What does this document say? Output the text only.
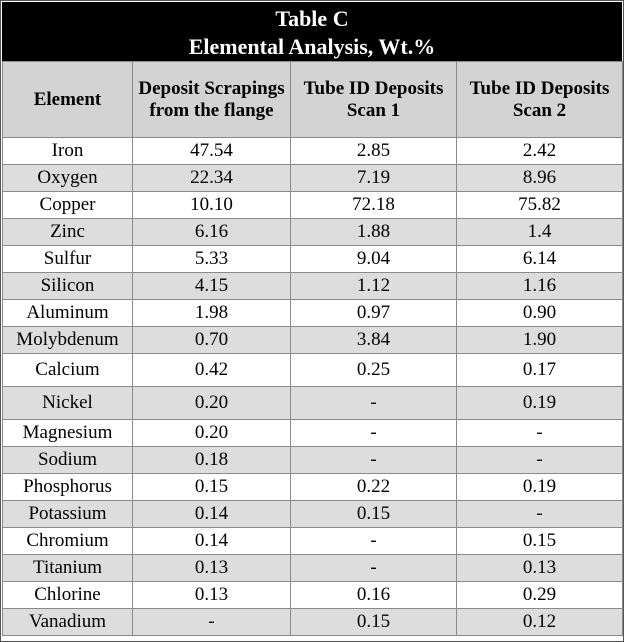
Table C
Elemental Analysis, Wt.%
Element	Deposit Scrapings from the flange	Tube ID Deposits Scan 1	Tube ID Deposits Scan 2
Iron	47.54	2.85	2.42
Oxygen	22.34	7.19	8.96
Copper	10.10	72.18	75.82
Zinc	6.16	1.88	1.4
Sulfur	5.33	9.04	6.14
Silicon	4.15	1.12	1.16
Aluminum	1.98	0.97	0.90
Molybdenum	0.70	3.84	1.90
Calcium	0.42	0.25	0.17
Nickel	0.20	-	0.19
Magnesium	0.20	-	-
Sodium	0.18	-	-
Phosphorus	0.15	0.22	0.19
Potassium	0.14	0.15	-
Chromium	0.14	-	0.15
Titanium	0.13	-	0.13
Chlorine	0.13	0.16	0.29
Vanadium	-	0.15	0.12
